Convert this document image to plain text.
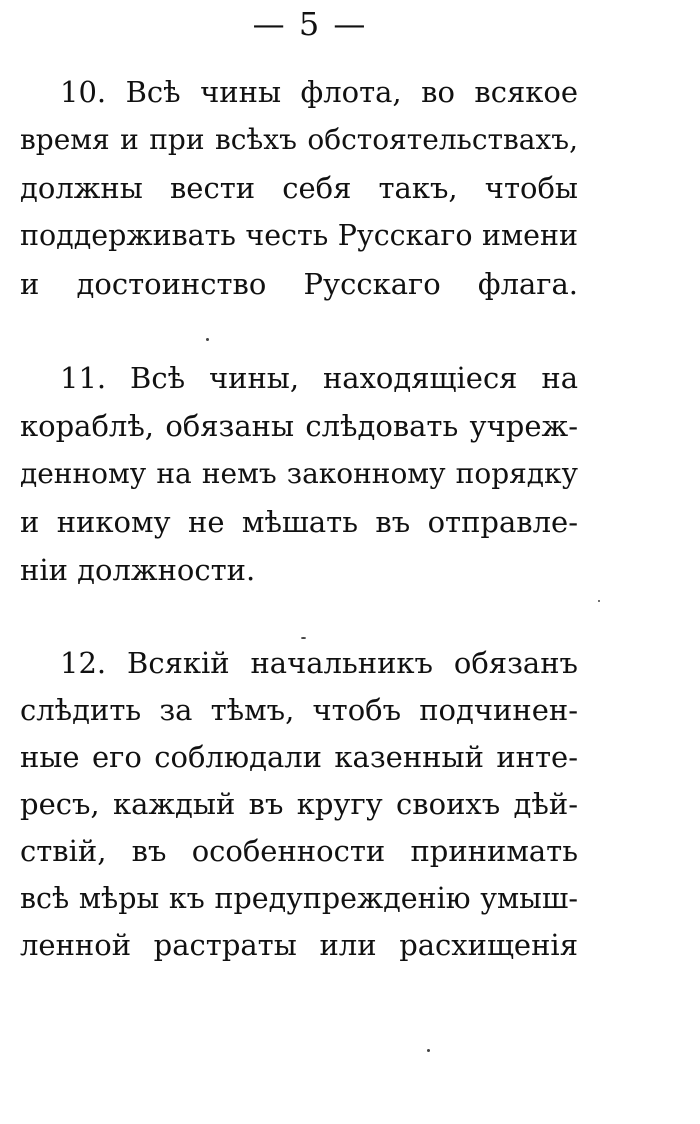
— 5 —
10. Всѣ чины флота, во всякое
время и при всѣхъ обстоятельствахъ,
должны вести себя такъ, чтобы
поддерживать честь Русскаго имени
и достоинство Русскаго флага.
11. Всѣ чины, находящіеся на
кораблѣ, обязаны слѣдовать учреж-
денному на немъ законному порядку
и никому не мѣшать въ отправле-
ніи должности.
12. Всякій начальникъ обязанъ
слѣдить за тѣмъ, чтобъ подчинен-
ные его соблюдали казенный инте-
ресъ, каждый въ кругу своихъ дѣй-
ствій, въ особенности принимать
всѣ мѣры къ предупрежденію умыш-
ленной растраты или расхищенія
